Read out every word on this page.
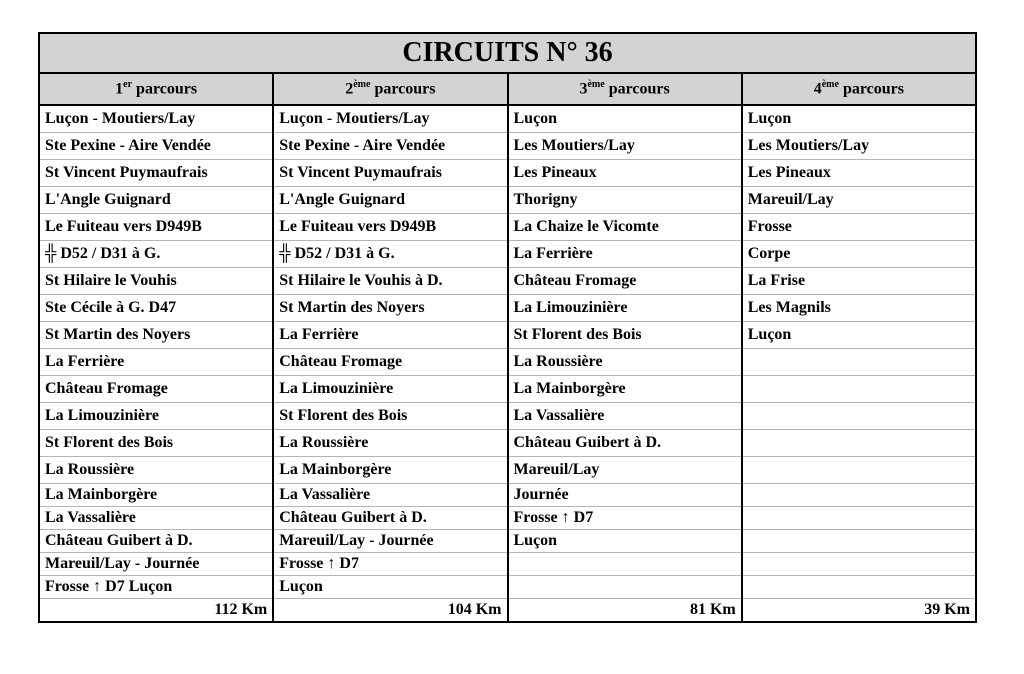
CIRCUITS N° 36			
1er parcours	2ème parcours	3ème parcours	4ème parcours
Luçon - Moutiers/Lay	Luçon - Moutiers/Lay	Luçon	Luçon
Ste Pexine - Aire Vendée	Ste Pexine - Aire Vendée	Les Moutiers/Lay	Les Moutiers/Lay
St Vincent Puymaufrais	St Vincent Puymaufrais	Les Pineaux	Les Pineaux
L'Angle Guignard	L'Angle Guignard	Thorigny	Mareuil/Lay
Le Fuiteau vers D949B	Le Fuiteau vers D949B	La Chaize le Vicomte	Frosse
╬ D52 / D31 à G.	╬ D52 / D31 à G.	La Ferrière	Corpe
St Hilaire le Vouhis	St Hilaire le Vouhis à D.	Château Fromage	La Frise
Ste Cécile à G. D47	St Martin des Noyers	La Limouzinière	Les Magnils
St Martin des Noyers	La Ferrière	St Florent des Bois	Luçon
La Ferrière	Château Fromage	La Roussière	
Château Fromage	La Limouzinière	La Mainborgère	
La Limouzinière	St Florent des Bois	La Vassalière	
St Florent des Bois	La Roussière	Château Guibert à D.	
La Roussière	La Mainborgère	Mareuil/Lay	
La Mainborgère	La Vassalière	Journée	
La Vassalière	Château Guibert à D.	Frosse ↑ D7	
Château Guibert à D.	Mareuil/Lay - Journée	Luçon	
Mareuil/Lay - Journée	Frosse ↑ D7		
Frosse ↑ D7 Luçon	Luçon		
112 Km	104 Km	81 Km	39 Km
